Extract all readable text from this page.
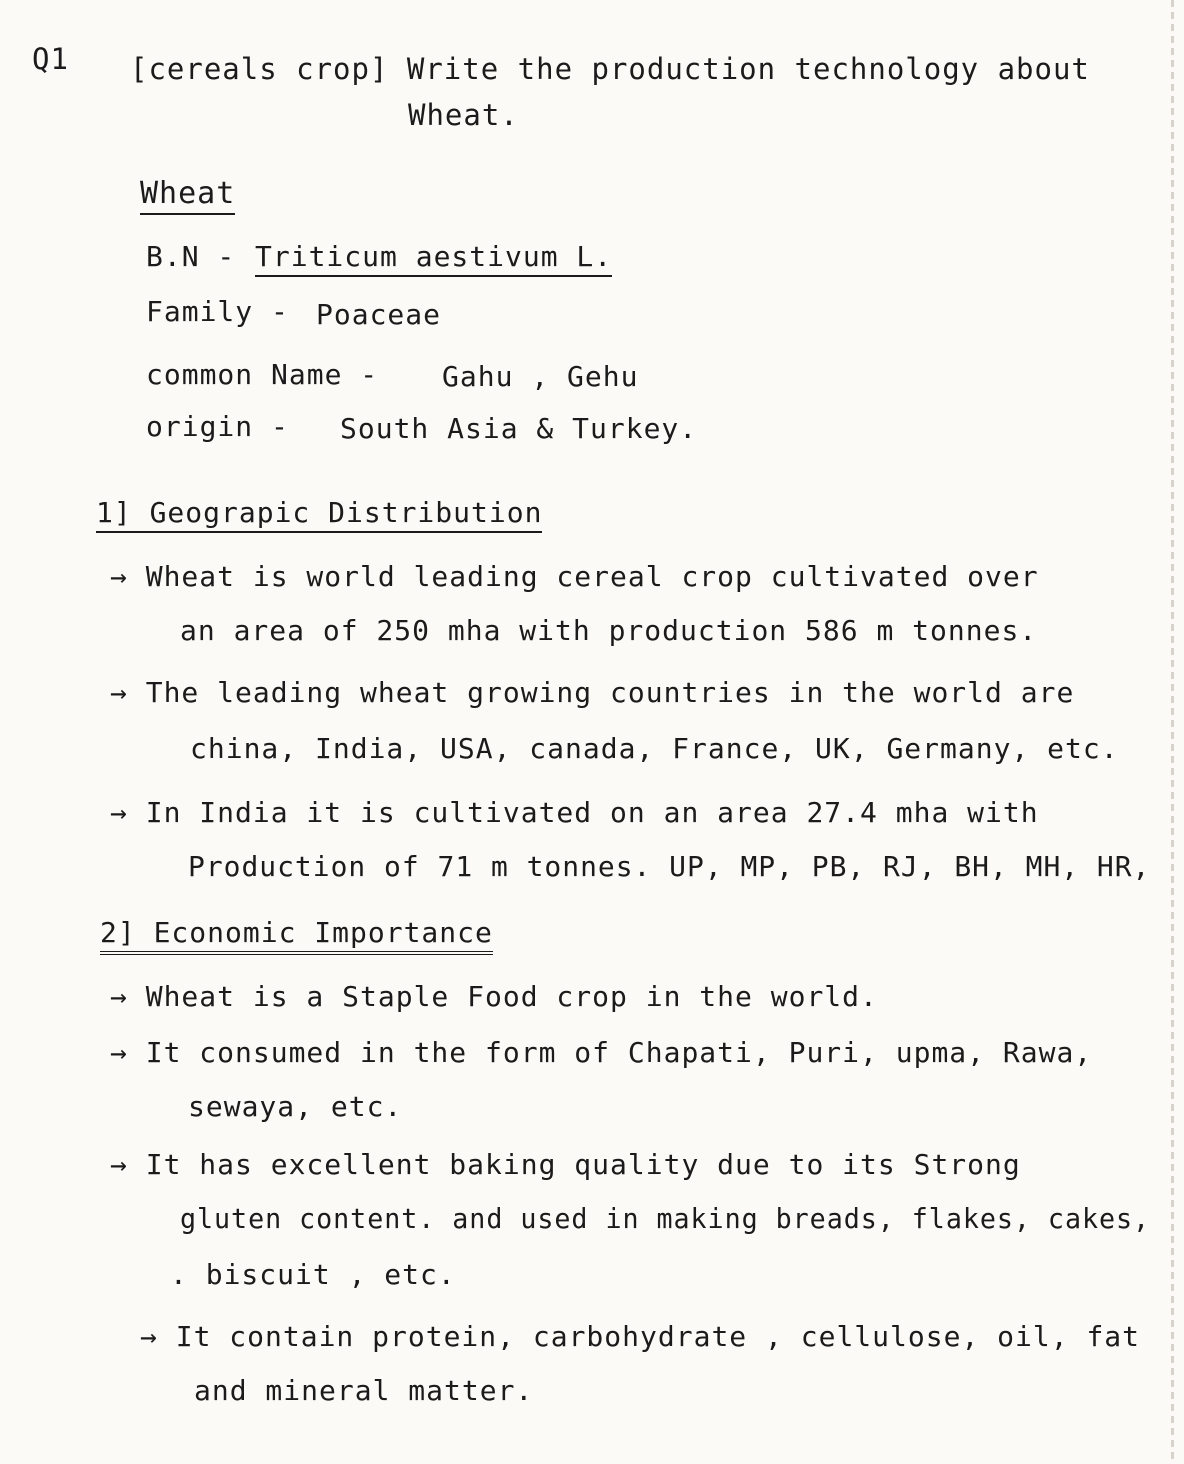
Q1 [cereals crop] Write the production technology about
Wheat.
Wheat
B.N - Triticum aestivum L.
Family - Poaceae
common Name - Gahu , Gehu
origin - South Asia & Turkey.
1] Geograpic Distribution
→ Wheat is world leading cereal crop cultivated over
an area of 250 mha with production 586 m tonnes.
→ The leading wheat growing countries in the world are
china, India, USA, canada, France, UK, Germany, etc.
→ In India it is cultivated on an area 27.4 mha with
Production of 71 m tonnes. UP, MP, PB, RJ, BH, MH, HR,
2] Economic Importance
→ Wheat is a Staple Food crop in the world.
→ It consumed in the form of Chapati, Puri, upma, Rawa,
sewaya, etc.
→ It has excellent baking quality due to its Strong
gluten content. and used in making breads, flakes, cakes,
. biscuit , etc.
→ It contain protein, carbohydrate , cellulose, oil, fat
and mineral matter.
